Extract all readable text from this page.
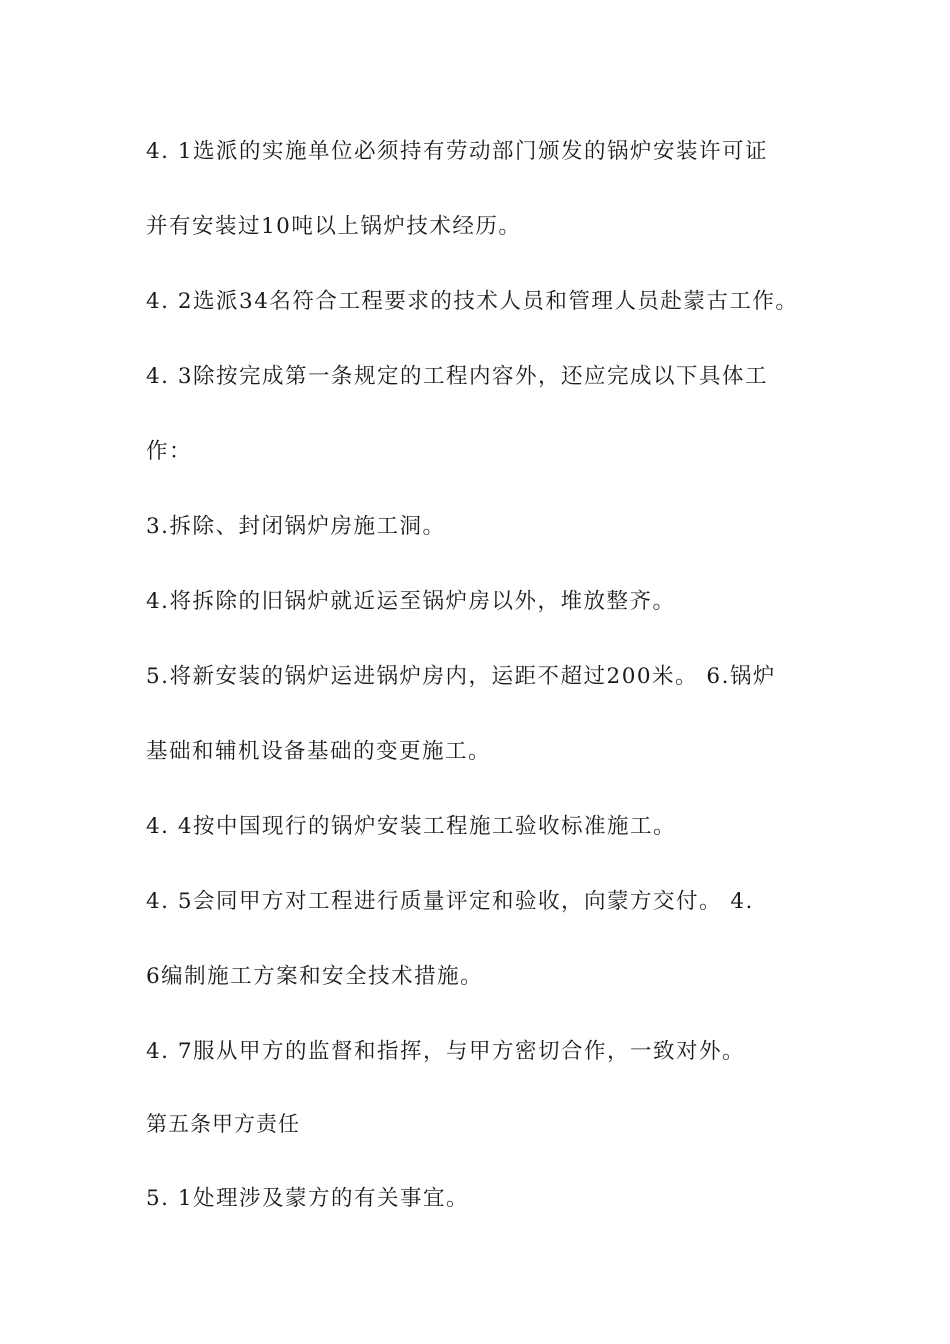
4. 1选派的实施单位必须持有劳动部门颁发的锅炉安装许可证
并有安装过10吨以上锅炉技术经历。
4. 2选派34名符合工程要求的技术人员和管理人员赴蒙古工作。
4. 3除按完成第一条规定的工程内容外，还应完成以下具体工
作：
3.拆除、封闭锅炉房施工洞。
4.将拆除的旧锅炉就近运至锅炉房以外，堆放整齐。
5.将新安装的锅炉运进锅炉房内，运距不超过200米。 6.锅炉
基础和辅机设备基础的变更施工。
4. 4按中国现行的锅炉安装工程施工验收标准施工。
4. 5会同甲方对工程进行质量评定和验收，向蒙方交付。 4.
6编制施工方案和安全技术措施。
4. 7服从甲方的监督和指挥，与甲方密切合作，一致对外。
第五条甲方责任
5. 1处理涉及蒙方的有关事宜。
